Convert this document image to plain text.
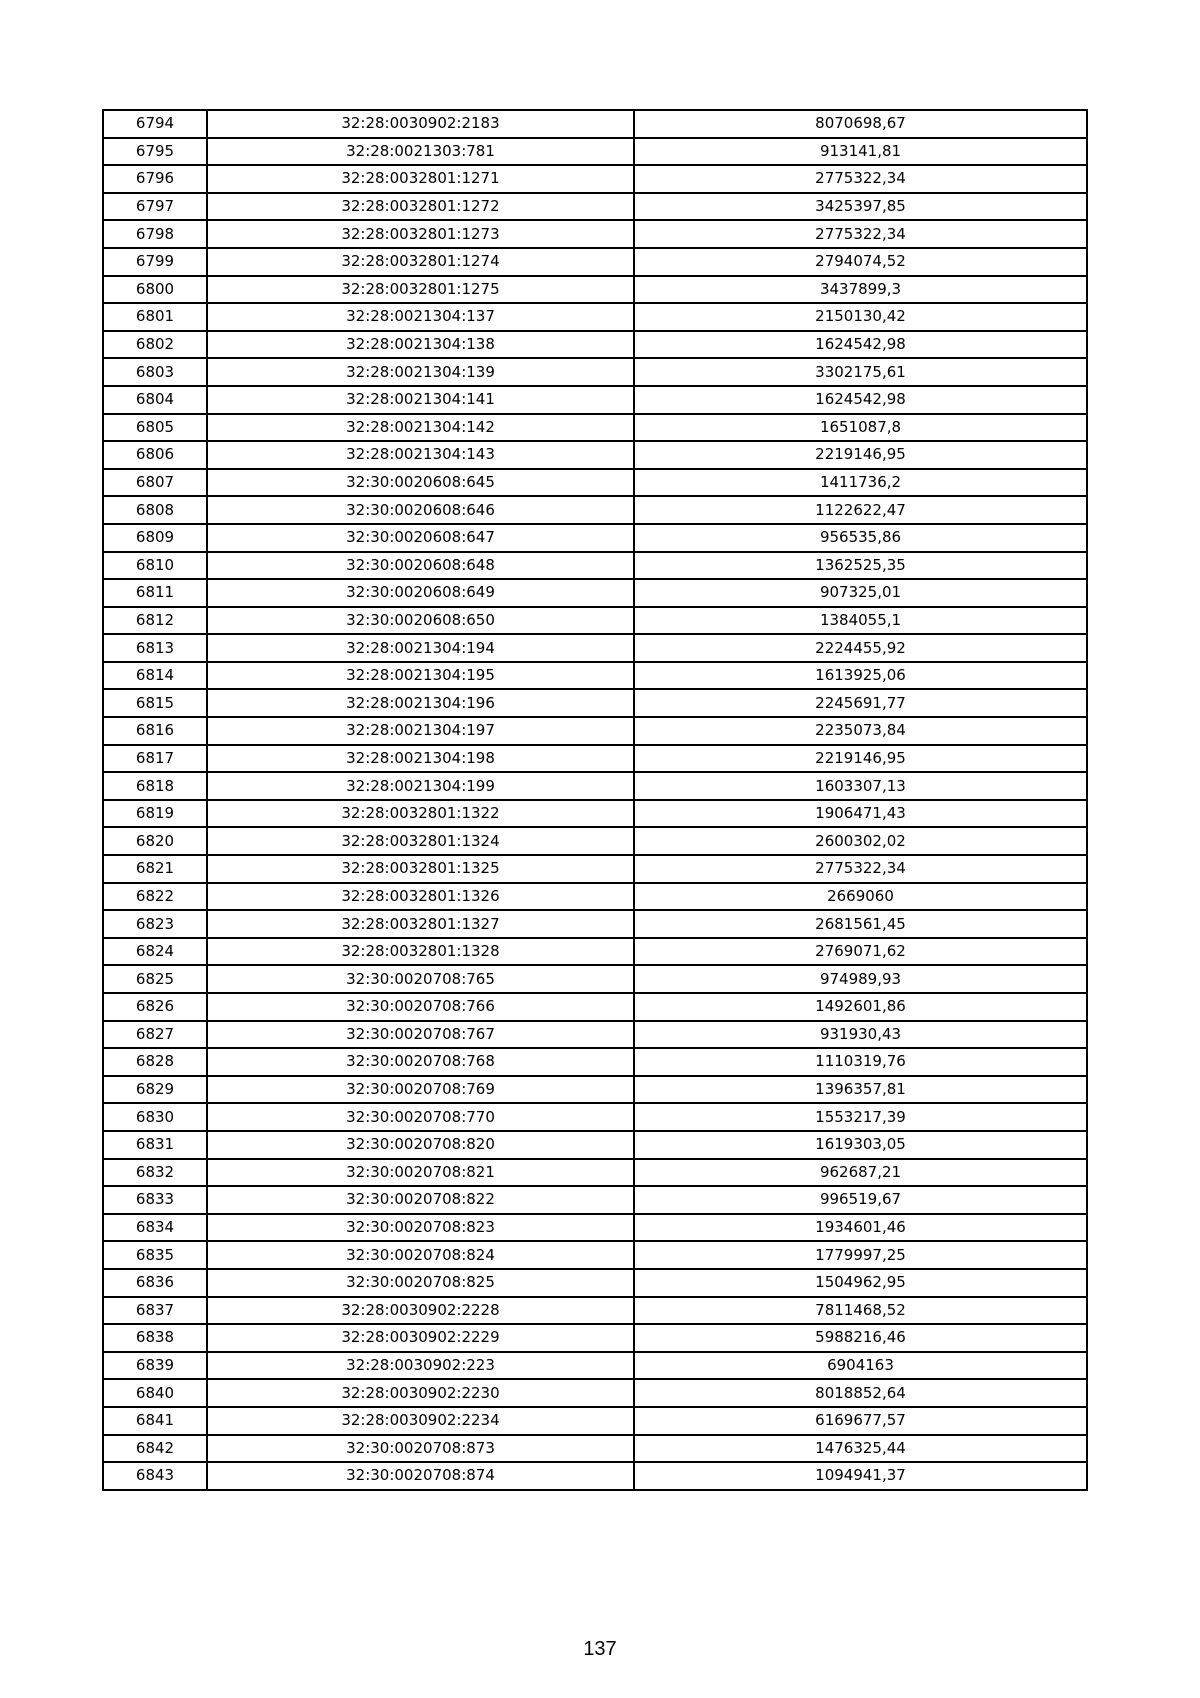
6794	32:28:0030902:2183	8070698,67
6795	32:28:0021303:781	913141,81
6796	32:28:0032801:1271	2775322,34
6797	32:28:0032801:1272	3425397,85
6798	32:28:0032801:1273	2775322,34
6799	32:28:0032801:1274	2794074,52
6800	32:28:0032801:1275	3437899,3
6801	32:28:0021304:137	2150130,42
6802	32:28:0021304:138	1624542,98
6803	32:28:0021304:139	3302175,61
6804	32:28:0021304:141	1624542,98
6805	32:28:0021304:142	1651087,8
6806	32:28:0021304:143	2219146,95
6807	32:30:0020608:645	1411736,2
6808	32:30:0020608:646	1122622,47
6809	32:30:0020608:647	956535,86
6810	32:30:0020608:648	1362525,35
6811	32:30:0020608:649	907325,01
6812	32:30:0020608:650	1384055,1
6813	32:28:0021304:194	2224455,92
6814	32:28:0021304:195	1613925,06
6815	32:28:0021304:196	2245691,77
6816	32:28:0021304:197	2235073,84
6817	32:28:0021304:198	2219146,95
6818	32:28:0021304:199	1603307,13
6819	32:28:0032801:1322	1906471,43
6820	32:28:0032801:1324	2600302,02
6821	32:28:0032801:1325	2775322,34
6822	32:28:0032801:1326	2669060
6823	32:28:0032801:1327	2681561,45
6824	32:28:0032801:1328	2769071,62
6825	32:30:0020708:765	974989,93
6826	32:30:0020708:766	1492601,86
6827	32:30:0020708:767	931930,43
6828	32:30:0020708:768	1110319,76
6829	32:30:0020708:769	1396357,81
6830	32:30:0020708:770	1553217,39
6831	32:30:0020708:820	1619303,05
6832	32:30:0020708:821	962687,21
6833	32:30:0020708:822	996519,67
6834	32:30:0020708:823	1934601,46
6835	32:30:0020708:824	1779997,25
6836	32:30:0020708:825	1504962,95
6837	32:28:0030902:2228	7811468,52
6838	32:28:0030902:2229	5988216,46
6839	32:28:0030902:223	6904163
6840	32:28:0030902:2230	8018852,64
6841	32:28:0030902:2234	6169677,57
6842	32:30:0020708:873	1476325,44
6843	32:30:0020708:874	1094941,37
137
